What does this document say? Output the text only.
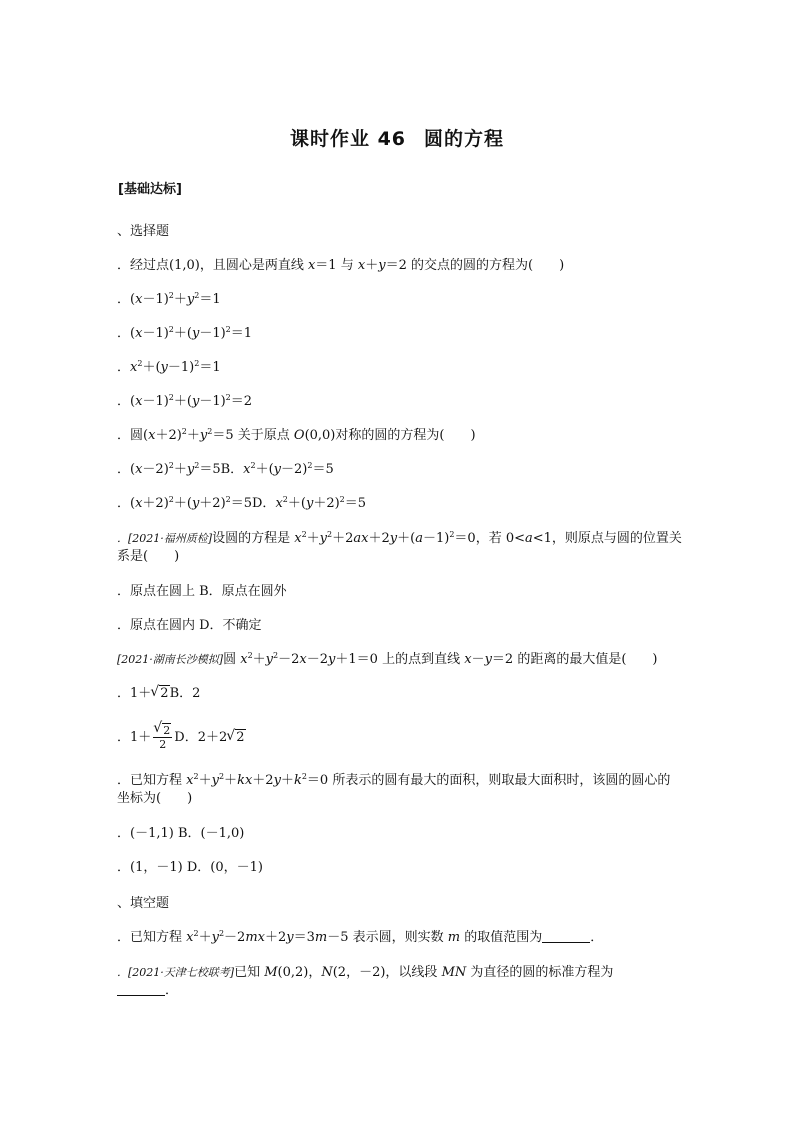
课时作业 46 圆的方程
[基础达标]
、选择题
．经过点(1,0)，且圆心是两直线 x＝1 与 x＋y＝2 的交点的圆的方程为( )
．$(x-1)^2+y^2=1$
．$(x-1)^2+(y-1)^2=1$
．$x^2+(y-1)^2=1$
．$(x-1)^2+(y-1)^2=2$
．圆$(x+2)^2+y^2=5$ 关于原点 O(0,0)对称的圆的方程为( )
．$(x-2)^2+y^2=5B$．$x^2+(y-2)^2=5$
．$(x+2)^2+(y+2)^2=5D$．$x^2+(y+2)^2=5$
．[2021·福州质检]设圆的方程是 $x^2+y^2+2ax+2y+(a-1)^2=0$，若 0<a<1，则原点与圆的位置关系是( )
．原点在圆上 B．原点在圆外
．原点在圆内 D．不确定
[2021·湖南长沙模拟]圆 $x^2+y^2-2x-2y+1=0$ 上的点到直线 x－y＝2 的距离的最大值是( )
．1＋ √ 2B．2
．1＋ √ $\frac{2}{2}$ D．2＋2 √ 2
．已知方程 $x^2+y^2+kx+2y+k^2=0$ 所表示的圆有最大的面积，则取最大面积时，该圆的圆心的坐标为( )
．(－1,1) B．(－1,0)
．(1，－1) D．(0，－1)
、填空题
．已知方程 $x^2+y^2-2mx+2y=3m-5$ 表示圆，则实数 m 的取值范围为	．
．[2021·天津七校联考]已知 M(0,2)，N(2，－2)，以线段 MN 为直径的圆的标准方程为
．
